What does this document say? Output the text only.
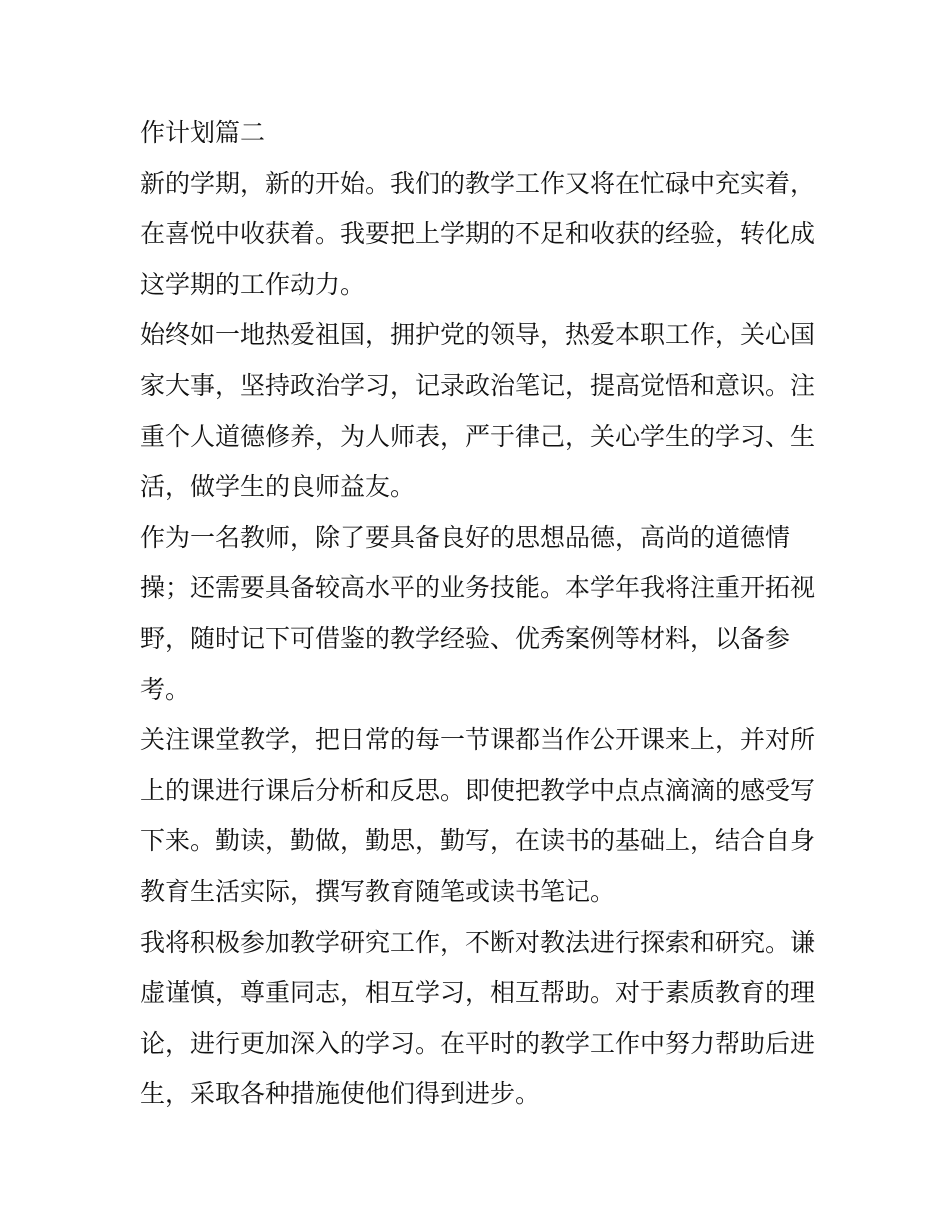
作计划篇二
新的学期，新的开始。我们的教学工作又将在忙碌中充实着，
在喜悦中收获着。我要把上学期的不足和收获的经验，转化成
这学期的工作动力。
始终如一地热爱祖国，拥护党的领导，热爱本职工作，关心国
家大事，坚持政治学习，记录政治笔记，提高觉悟和意识。注
重个人道德修养，为人师表，严于律己，关心学生的学习、生
活，做学生的良师益友。
作为一名教师，除了要具备良好的思想品德，高尚的道德情
操；还需要具备较高水平的业务技能。本学年我将注重开拓视
野，随时记下可借鉴的教学经验、优秀案例等材料，以备参
考。
关注课堂教学，把日常的每一节课都当作公开课来上，并对所
上的课进行课后分析和反思。即使把教学中点点滴滴的感受写
下来。勤读，勤做，勤思，勤写，在读书的基础上，结合自身
教育生活实际，撰写教育随笔或读书笔记。
我将积极参加教学研究工作，不断对教法进行探索和研究。谦
虚谨慎，尊重同志，相互学习，相互帮助。对于素质教育的理
论，进行更加深入的学习。在平时的教学工作中努力帮助后进
生，采取各种措施使他们得到进步。
